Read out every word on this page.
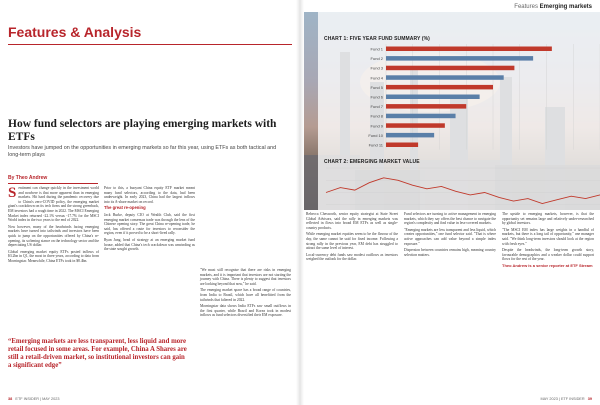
Features & Analysis
How fund selectors are playing emerging markets with ETFs
Investors have jumped on the opportunities in emerging markets so far this year, using ETFs as both tactical and long-term plays
By Theo Andrew

Sentiment can change quickly in the investment world and nowhere is that more apparent than in emerging markets. Hit hard during the pandemic recovery due to China's zero-COVID policy, the emerging market giant's crackdown on its tech firms and the strong greenback, EM investors had a rough time in 2022. The MSCI Emerging Market index returned -22.1% versus -17.7% for the MSCI World index in the two years to the end of 2022.

Now however, many of the headwinds facing emerging markets have turned into tailwinds and investors have been quick to jump on the opportunities offered by China's re-opening, its softening stance on the technology sector and the depreciating US dollar.

Global emerging market equity ETFs posted inflows of $3.2bn in Q1, the most in three years, according to data from Morningstar. Meanwhile, China ETFs took in $8.4bn.

Prior to this, a buoyant China equity ETF market meant many fund selectors, according to the data, had been underweight. In early 2023, China had the largest inflows into its A-share market on record.

The great re-opening

Jack Burke, deputy CIO at Wealth Club, said the first emerging market consensus trade was through the lens of the Chinese opening story. The great China re-opening trade, he said, has offered a route for investors to reconsider the region, even if it proved to be a short-lived rally.

Ryan Jung, head of strategy at an emerging market fund house, added that China's tech crackdown was unwinding as the state sought growth.

"We must still recognise that there are risks in emerging markets, and it is important that investors are not starting the journey with China. There is plenty to suggest that investors are looking beyond that now," he said.

The emerging market space has a broad range of countries, from India to Brazil, which have all benefitted from the tailwinds that faltered in 2022.

Morningstar data shows India ETFs saw small outflows in the first quarter, while Brazil and Korea took in modest inflows as fund selectors diversified their EM exposure.

“Emerging markets are less transparent, less liquid and more retail focused in some areas. For example, China A Shares are still a retail-driven market, so institutional investors can gain a significant edge”
38 ETF INSIDER | MAY 2023
Features Emerging markets
CHART 1: FIVE YEAR FUND SUMMARY (%)
CHART 2: EMERGING MARKET VALUE
Fund 1
Fund 2
Fund 3
Fund 4
Fund 5
Fund 6
Fund 7
Fund 8
Fund 9
Fund 10
Fund 11

Rebecca Chesworth, senior equity strategist at State Street Global Advisors, said the rally in emerging markets was reflected in flows into broad EM ETFs as well as single-country products.

While emerging market equities seem to be the flavour of the day, the same cannot be said for fixed income. Following a strong rally in the previous year, EM debt has struggled to attract the same level of interest.

Local-currency debt funds saw modest outflows as investors weighed the outlook for the dollar.

Fund selectors are turning to active management in emerging markets, which they say offers the best chance to navigate the region's complexity and find value in less-covered markets.

"Emerging markets are less transparent and less liquid, which creates opportunities," one fund selector said. "That is where active approaches can add value beyond a simple index exposure."

Dispersion between countries remains high, meaning country selection matters.

The upside to emerging markets, however, is that the opportunity set remains large and relatively under-researched by global investors.

"The MSCI EM index has large weights in a handful of markets, but there is a long tail of opportunity," one manager said. "We think long-term investors should look at the region with fresh eyes."

Despite the headwinds, the long-term growth story, favourable demographics and a weaker dollar could support flows for the rest of the year.

Theo Andrew is a senior reporter at ETF Stream

MAY 2023 | ETF INSIDER 39
